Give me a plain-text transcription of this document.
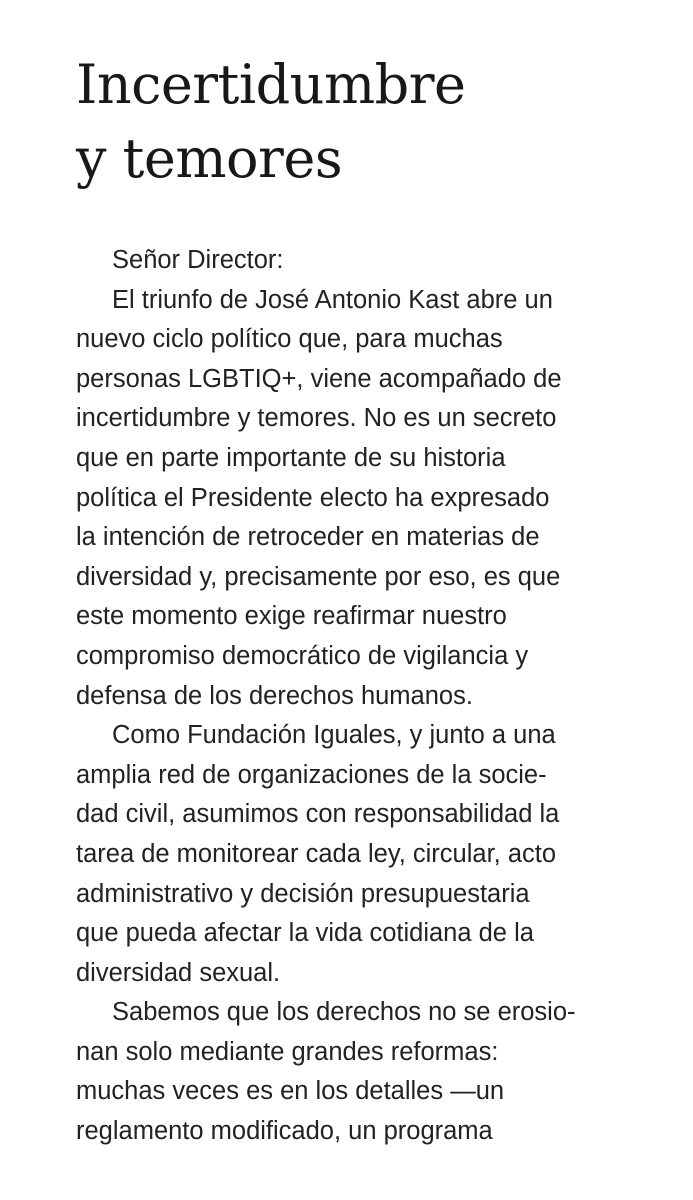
Incertidumbre
y temores
Señor Director:
El triunfo de José Antonio Kast abre un
nuevo ciclo político que, para muchas
personas LGBTIQ+, viene acompañado de
incertidumbre y temores. No es un secreto
que en parte importante de su historia
política el Presidente electo ha expresado
la intención de retroceder en materias de
diversidad y, precisamente por eso, es que
este momento exige reafirmar nuestro
compromiso democrático de vigilancia y
defensa de los derechos humanos.
Como Fundación Iguales, y junto a una
amplia red de organizaciones de la socie-
dad civil, asumimos con responsabilidad la
tarea de monitorear cada ley, circular, acto
administrativo y decisión presupuestaria
que pueda afectar la vida cotidiana de la
diversidad sexual.
Sabemos que los derechos no se erosio-
nan solo mediante grandes reformas:
muchas veces es en los detalles —un
reglamento modificado, un programa
